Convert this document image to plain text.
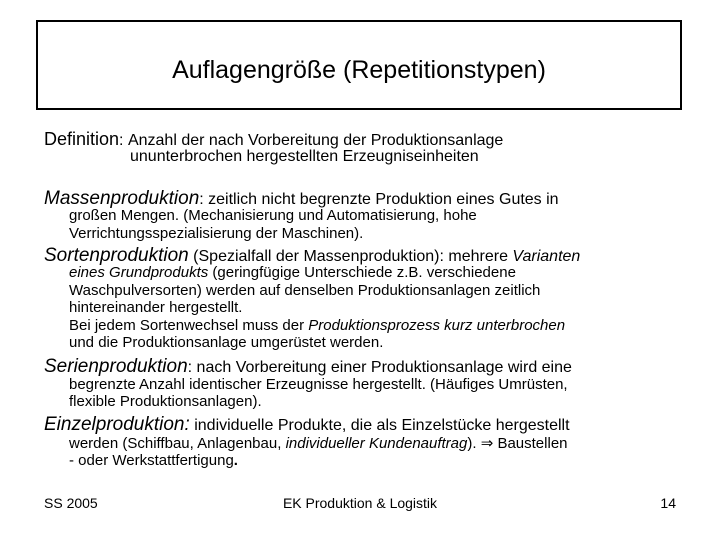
Auflagengröße (Repetitionstypen)
Definition: Anzahl der nach Vorbereitung der Produktionsanlage
ununterbrochen hergestellten Erzeugniseinheiten
Massenproduktion: zeitlich nicht begrenzte Produktion eines Gutes in
großen Mengen. (Mechanisierung und Automatisierung, hohe
Verrichtungsspezialisierung der Maschinen).
Sortenproduktion (Spezialfall der Massenproduktion): mehrere Varianten
eines Grundprodukts (geringfügige Unterschiede z.B. verschiedene
Waschpulversorten) werden auf denselben Produktionsanlagen zeitlich
hintereinander hergestellt.
Bei jedem Sortenwechsel muss der Produktionsprozess kurz unterbrochen
und die Produktionsanlage umgerüstet werden.
Serienproduktion: nach Vorbereitung einer Produktionsanlage wird eine
begrenzte Anzahl identischer Erzeugnisse hergestellt. (Häufiges Umrüsten,
flexible Produktionsanlagen).
Einzelproduktion: individuelle Produkte, die als Einzelstücke hergestellt
werden (Schiffbau, Anlagenbau, individueller Kundenauftrag). ⇒ Baustellen
- oder Werkstattfertigung.
SS 2005	EK Produktion & Logistik	14
